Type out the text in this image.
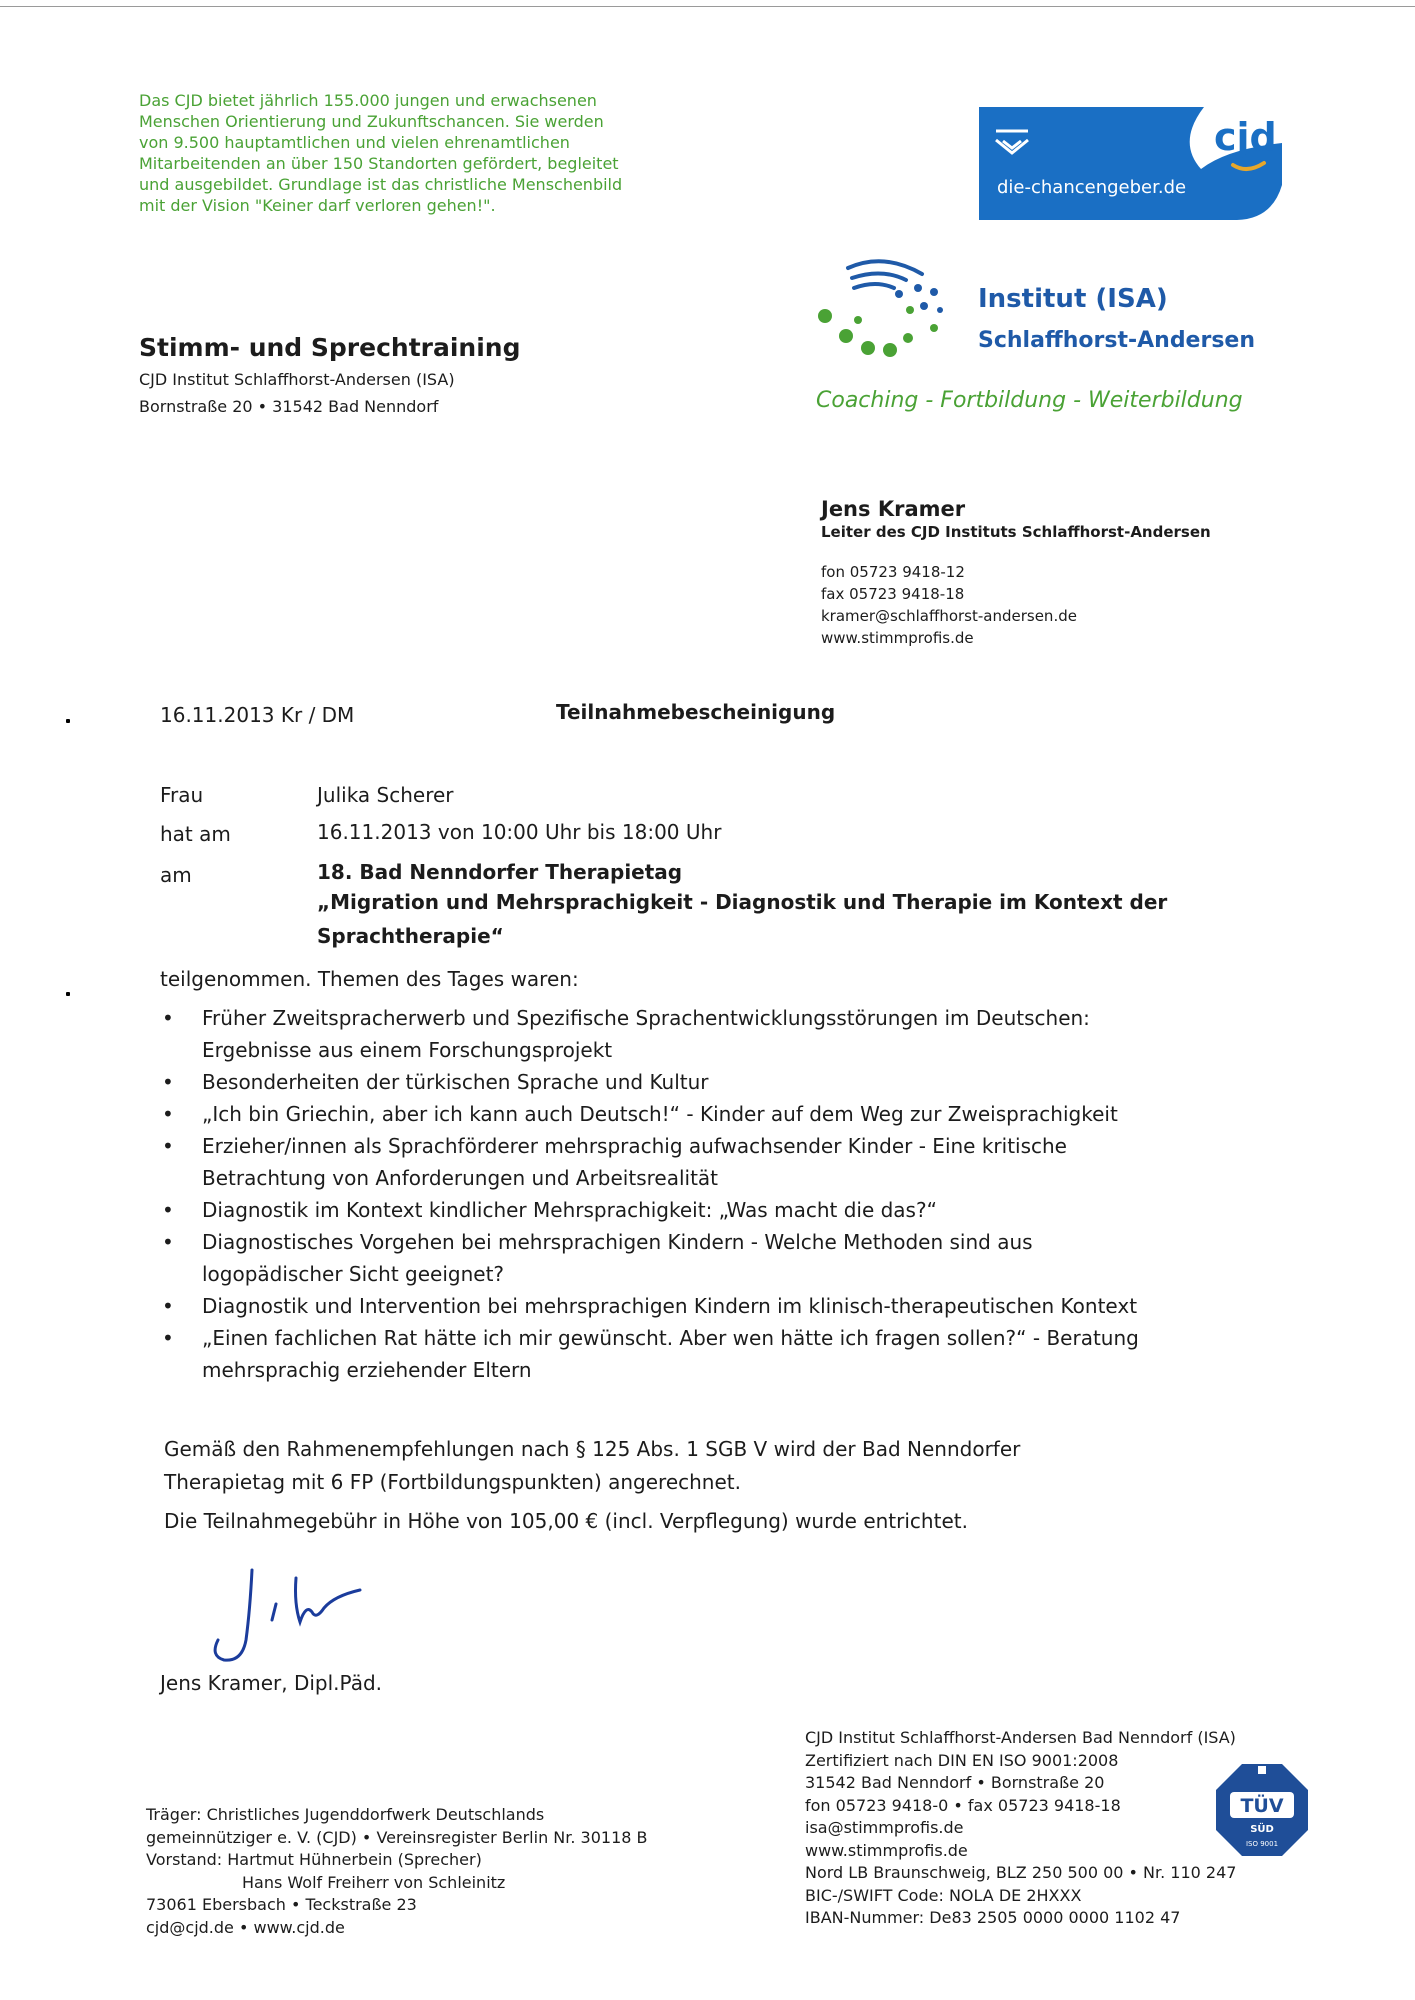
Das CJD bietet jährlich 155.000 jungen und erwachsenen
Menschen Orientierung und Zukunftschancen. Sie werden
von 9.500 hauptamtlichen und vielen ehrenamtlichen
Mitarbeitenden an über 150 Standorten gefördert, begleitet
und ausgebildet. Grundlage ist das christliche Menschenbild
mit der Vision "Keiner darf verloren gehen!".
cjd
die-chancengeber.de
Institut (ISA)
Schlaffhorst-Andersen
Coaching - Fortbildung - Weiterbildung
Stimm- und Sprechtraining
CJD Institut Schlaffhorst-Andersen (ISA)
Bornstraße 20 • 31542 Bad Nenndorf
Jens Kramer
Leiter des CJD Instituts Schlaffhorst-Andersen
fon 05723 9418-12
fax 05723 9418-18
kramer@schlaffhorst-andersen.de
www.stimmprofis.de
16.11.2013 Kr / DM	Teilnahmebescheinigung
Frau	Julika Scherer
hat am	16.11.2013 von 10:00 Uhr bis 18:00 Uhr
am	18. Bad Nenndorfer Therapietag
„Migration und Mehrsprachigkeit - Diagnostik und Therapie im Kontext der
Sprachtherapie“
teilgenommen. Themen des Tages waren:
• Früher Zweitspracherwerb und Spezifische Sprachentwicklungsstörungen im Deutschen:
Ergebnisse aus einem Forschungsprojekt
• Besonderheiten der türkischen Sprache und Kultur
• „Ich bin Griechin, aber ich kann auch Deutsch!“ - Kinder auf dem Weg zur Zweisprachigkeit
• Erzieher/innen als Sprachförderer mehrsprachig aufwachsender Kinder - Eine kritische
Betrachtung von Anforderungen und Arbeitsrealität
• Diagnostik im Kontext kindlicher Mehrsprachigkeit: „Was macht die das?“
• Diagnostisches Vorgehen bei mehrsprachigen Kindern - Welche Methoden sind aus
logopädischer Sicht geeignet?
• Diagnostik und Intervention bei mehrsprachigen Kindern im klinisch-therapeutischen Kontext
• „Einen fachlichen Rat hätte ich mir gewünscht. Aber wen hätte ich fragen sollen?“ - Beratung
mehrsprachig erziehender Eltern
Gemäß den Rahmenempfehlungen nach § 125 Abs. 1 SGB V wird der Bad Nenndorfer
Therapietag mit 6 FP (Fortbildungspunkten) angerechnet.
Die Teilnahmegebühr in Höhe von 105,00 € (incl. Verpflegung) wurde entrichtet.
Jens Kramer, Dipl.Päd.
Träger: Christliches Jugenddorfwerk Deutschlands
gemeinnütziger e. V. (CJD) • Vereinsregister Berlin Nr. 30118 B
Vorstand: Hartmut Hühnerbein (Sprecher)
Hans Wolf Freiherr von Schleinitz
73061 Ebersbach • Teckstraße 23
cjd@cjd.de • www.cjd.de
CJD Institut Schlaffhorst-Andersen Bad Nenndorf (ISA)
Zertifiziert nach DIN EN ISO 9001:2008
31542 Bad Nenndorf • Bornstraße 20
fon 05723 9418-0 • fax 05723 9418-18
isa@stimmprofis.de
www.stimmprofis.de
Nord LB Braunschweig, BLZ 250 500 00 • Nr. 110 247
BIC-/SWIFT Code: NOLA DE 2HXXX
IBAN-Nummer: De83 2505 0000 0000 1102 47
TÜV
SÜD
ISO 9001
